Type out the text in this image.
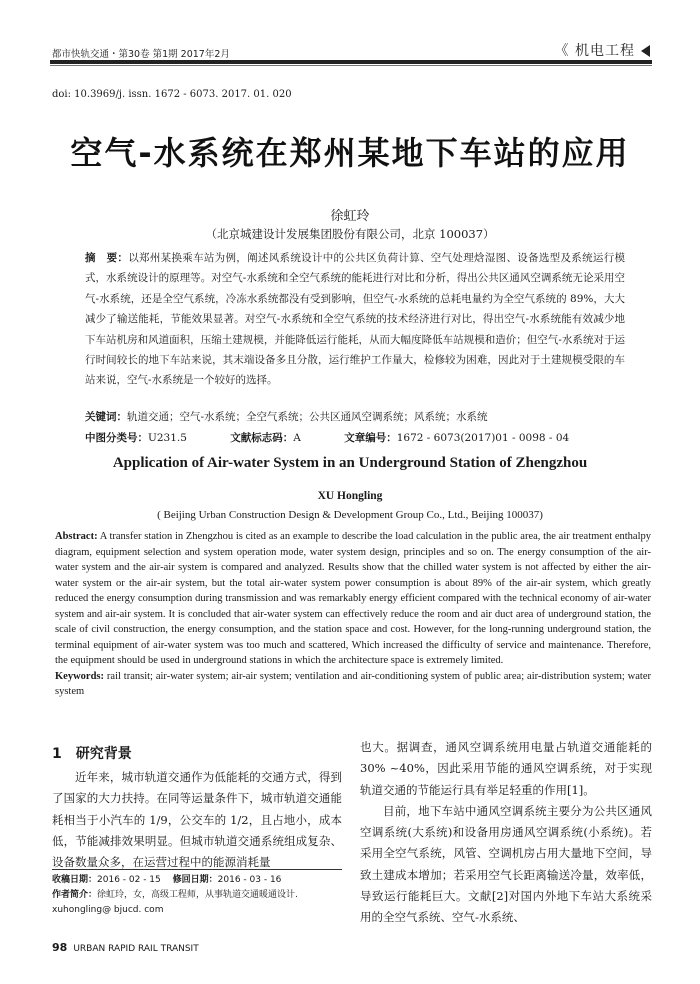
都市快轨交通・第30卷 第1期 2017年2月	《 机电工程
doi: 10.3969/j. issn. 1672 - 6073. 2017. 01. 020
空气-水系统在郑州某地下车站的应用
徐虹玲
（北京城建设计发展集团股份有限公司，北京 100037）
摘　要：以郑州某换乘车站为例，阐述风系统设计中的公共区负荷计算、空气处理焓湿图、设备选型及系统运行模式，水系统设计的原理等。对空气-水系统和全空气系统的能耗进行对比和分析，得出公共区通风空调系统无论采用空气-水系统，还是全空气系统，冷冻水系统都没有受到影响，但空气-水系统的总耗电量约为全空气系统的 89%，大大减少了输送能耗，节能效果显著。对空气-水系统和全空气系统的技术经济进行对比，得出空气-水系统能有效减少地下车站机房和风道面积，压缩土建规模，并能降低运行能耗，从而大幅度降低车站规模和造价；但空气-水系统对于运行时间较长的地下车站来说，其末端设备多且分散，运行维护工作量大，检修较为困难，因此对于土建规模受限的车站来说，空气-水系统是一个较好的选择。
关键词：轨道交通；空气-水系统；全空气系统；公共区通风空调系统；风系统；水系统
中图分类号：U231.5	文献标志码：A	文章编号：1672 - 6073(2017)01 - 0098 - 04
Application of Air-water System in an Underground Station of Zhengzhou
XU Hongling
( Beijing Urban Construction Design & Development Group Co., Ltd., Beijing 100037)
Abstract: A transfer station in Zhengzhou is cited as an example to describe the load calculation in the public area, the air treatment enthalpy diagram, equipment selection and system operation mode, water system design, principles and so on. The energy consumption of the air-water system and the air-air system is compared and analyzed. Results show that the chilled water system is not affected by either the air-water system or the air-air system, but the total air-water system power consumption is about 89% of the air-air system, which greatly reduced the energy consumption during transmission and was remarkably energy efficient compared with the technical economy of air-water system and air-air system. It is concluded that air-water system can effectively reduce the room and air duct area of underground station, the scale of civil construction, the energy consumption, and the station space and cost. However, for the long-running underground station, the terminal equipment of air-water system was too much and scattered, Which increased the difficulty of service and maintenance. Therefore, the equipment should be used in underground stations in which the architecture space is extremely limited.
Keywords: rail transit; air-water system; air-air system; ventilation and air-conditioning system of public area; air-distribution system; water system
1　研究背景

近年来，城市轨道交通作为低能耗的交通方式，得到了国家的大力扶持。在同等运量条件下，城市轨道交通能耗相当于小汽车的 1/9，公交车的 1/2，且占地小，成本低，节能减排效果明显。但城市轨道交通系统组成复杂、设备数量众多，在运营过程中的能源消耗量

也大。据调查，通风空调系统用电量占轨道交通能耗的 30% ~40%，因此采用节能的通风空调系统，对于实现轨道交通的节能运行具有举足轻重的作用[1]。

目前，地下车站中通风空调系统主要分为公共区通风空调系统(大系统)和设备用房通风空调系统(小系统)。若采用全空气系统，风管、空调机房占用大量地下空间，导致土建成本增加；若采用空气长距离输送冷量，效率低，导致运行能耗巨大。文献[2]对国内外地下车站大系统采用的全空气系统、空气-水系统、

收稿日期：2016 - 02 - 15　 修回日期：2016 - 03 - 16
作者简介：徐虹玲，女，高级工程师，从事轨道交通暖通设计. xuhongling@ bjucd. com
98 URBAN RAPID RAIL TRANSIT
